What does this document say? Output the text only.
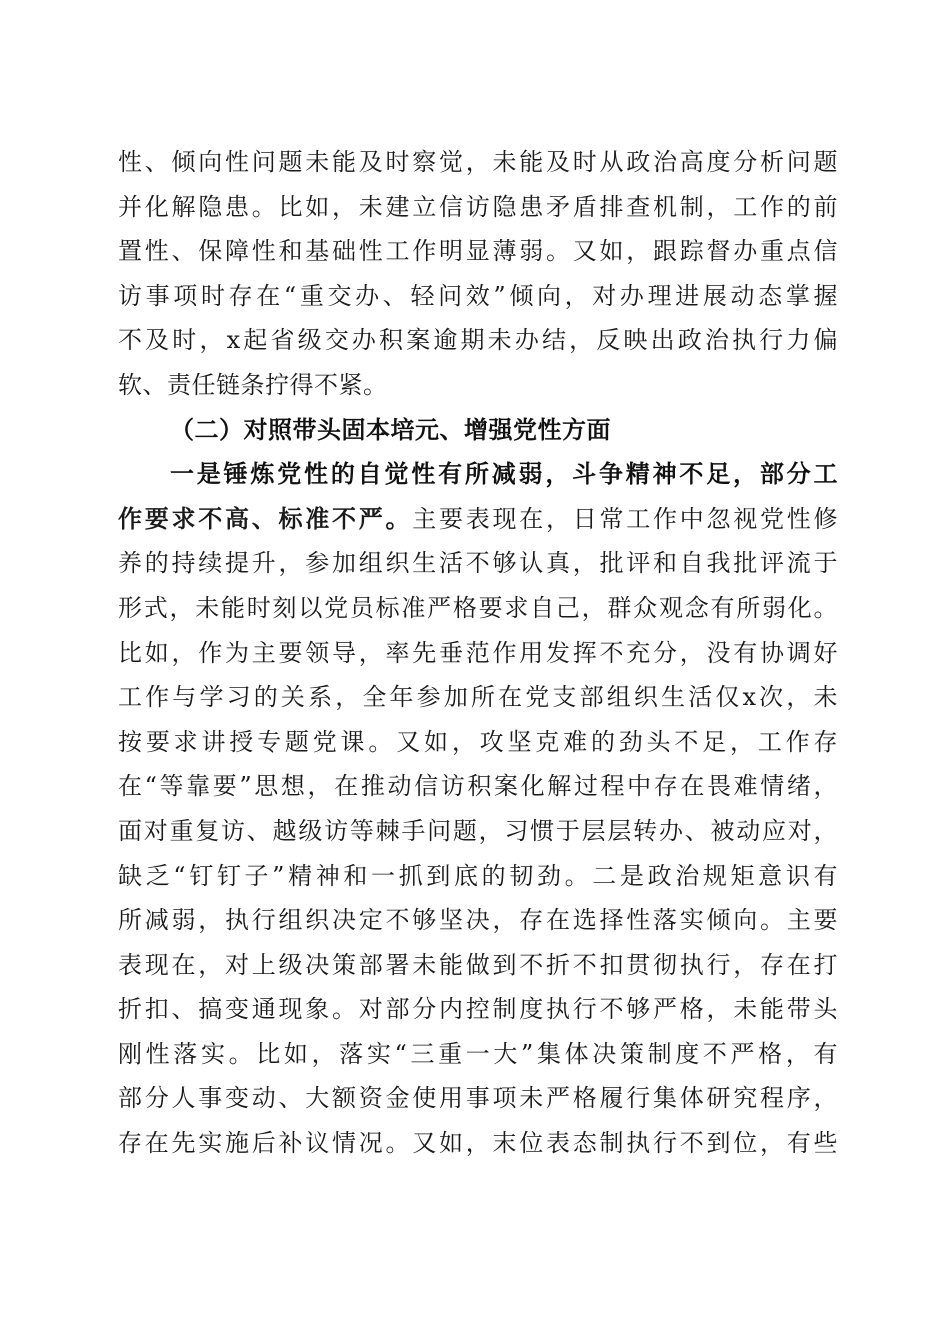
性、倾向性问题未能及时察觉，未能及时从政治高度分析问题
并化解隐患。比如，未建立信访隐患矛盾排查机制，工作的前
置性、保障性和基础性工作明显薄弱。又如，跟踪督办重点信
访事项时存在“重交办、轻问效”倾向，对办理进展动态掌握
不及时，x起省级交办积案逾期未办结，反映出政治执行力偏
软、责任链条拧得不紧。
（二）对照带头固本培元、增强党性方面
一是锤炼党性的自觉性有所减弱，斗争精神不足，部分工
作要求不高、标准不严。主要表现在，日常工作中忽视党性修
养的持续提升，参加组织生活不够认真，批评和自我批评流于
形式，未能时刻以党员标准严格要求自己，群众观念有所弱化。
比如，作为主要领导，率先垂范作用发挥不充分，没有协调好
工作与学习的关系，全年参加所在党支部组织生活仅x次，未
按要求讲授专题党课。又如，攻坚克难的劲头不足，工作存
在“等靠要”思想，在推动信访积案化解过程中存在畏难情绪，
面对重复访、越级访等棘手问题，习惯于层层转办、被动应对，
缺乏“钉钉子”精神和一抓到底的韧劲。二是政治规矩意识有
所减弱，执行组织决定不够坚决，存在选择性落实倾向。主要
表现在，对上级决策部署未能做到不折不扣贯彻执行，存在打
折扣、搞变通现象。对部分内控制度执行不够严格，未能带头
刚性落实。比如，落实“三重一大”集体决策制度不严格，有
部分人事变动、大额资金使用事项未严格履行集体研究程序，
存在先实施后补议情况。又如，末位表态制执行不到位，有些
